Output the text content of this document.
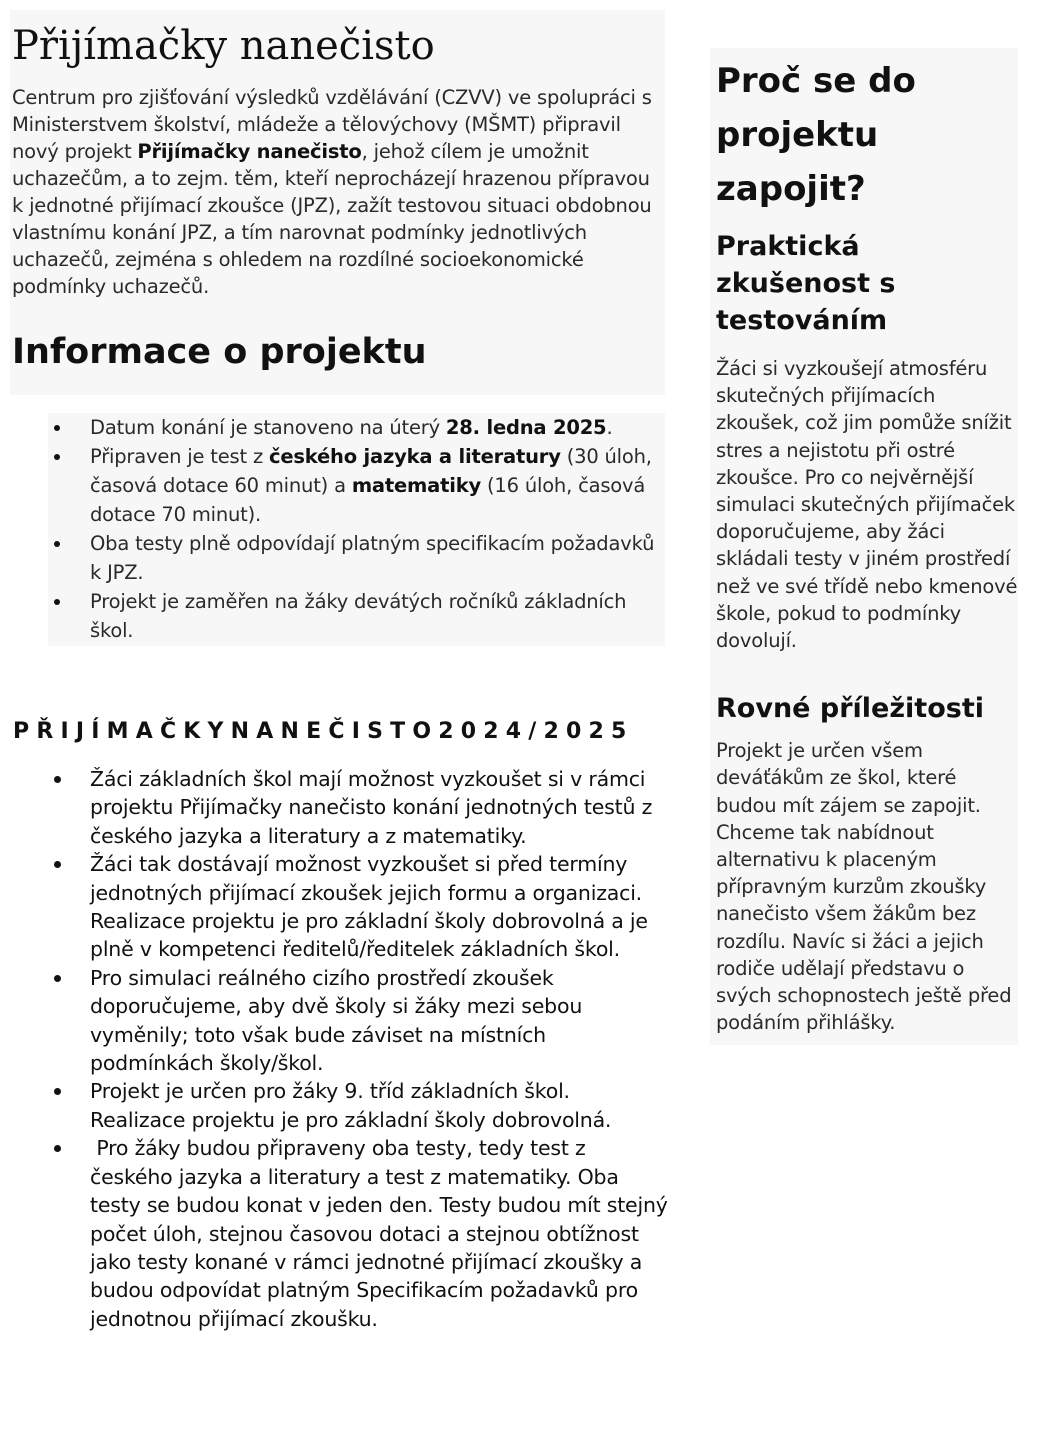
Přijímačky nanečisto

Centrum pro zjišťování výsledků vzdělávání (CZVV) ve spolupráci s Ministerstvem školství, mládeže a tělovýchovy (MŠMT) připravil nový projekt Přijímačky nanečisto, jehož cílem je umožnit uchazečům, a to zejm. těm, kteří neprocházejí hrazenou přípravou k jednotné přijímací zkoušce (JPZ), zažít testovou situaci obdobnou vlastnímu konání JPZ, a tím narovnat podmínky jednotlivých uchazečů, zejména s ohledem na rozdílné socioekonomické podmínky uchazečů.

Informace o projektu
Datum konání je stanoveno na úterý 28. ledna 2025.
Připraven je test z českého jazyka a literatury (30 úloh, časová dotace 60 minut) a matematiky (16 úloh, časová dotace 70 minut).
Oba testy plně odpovídají platným specifikacím požadavků k JPZ.
Projekt je zaměřen na žáky devátých ročníků základních škol.
PŘIJÍMAČKYNANEČISTO2024/2025
Žáci základních škol mají možnost vyzkoušet si v rámci projektu Přijímačky nanečisto konání jednotných testů z českého jazyka a literatury a z matematiky.
Žáci tak dostávají možnost vyzkoušet si před termíny jednotných přijímací zkoušek jejich formu a organizaci. Realizace projektu je pro základní školy dobrovolná a je plně v kompetenci ředitelů/ředitelek základních škol.
Pro simulaci reálného cizího prostředí zkoušek doporučujeme, aby dvě školy si žáky mezi sebou vyměnily; toto však bude záviset na místních podmínkách školy/škol.
Projekt je určen pro žáky 9. tříd základních škol. Realizace projektu je pro základní školy dobrovolná.
Pro žáky budou připraveny oba testy, tedy test z českého jazyka a literatury a test z matematiky. Oba testy se budou konat v jeden den. Testy budou mít stejný počet úloh, stejnou časovou dotaci a stejnou obtížnost jako testy konané v rámci jednotné přijímací zkoušky a budou odpovídat platným Specifikacím požadavků pro jednotnou přijímací zkoušku.
Proč se do projektu zapojit?
Praktická zkušenost s testováním

Žáci si vyzkoušejí atmosféru skutečných přijímacích zkoušek, což jim pomůže snížit stres a nejistotu při ostré zkoušce. Pro co nejvěrnější simulaci skutečných přijímaček doporučujeme, aby žáci skládali testy v jiném prostředí než ve své třídě nebo kmenové škole, pokud to podmínky dovolují.

Rovné příležitosti

Projekt je určen všem deváťákům ze škol, které budou mít zájem se zapojit. Chceme tak nabídnout alternativu k placeným přípravným kurzům zkoušky nanečisto všem žákům bez rozdílu. Navíc si žáci a jejich rodiče udělají představu o svých schopnostech ještě před podáním přihlášky.
